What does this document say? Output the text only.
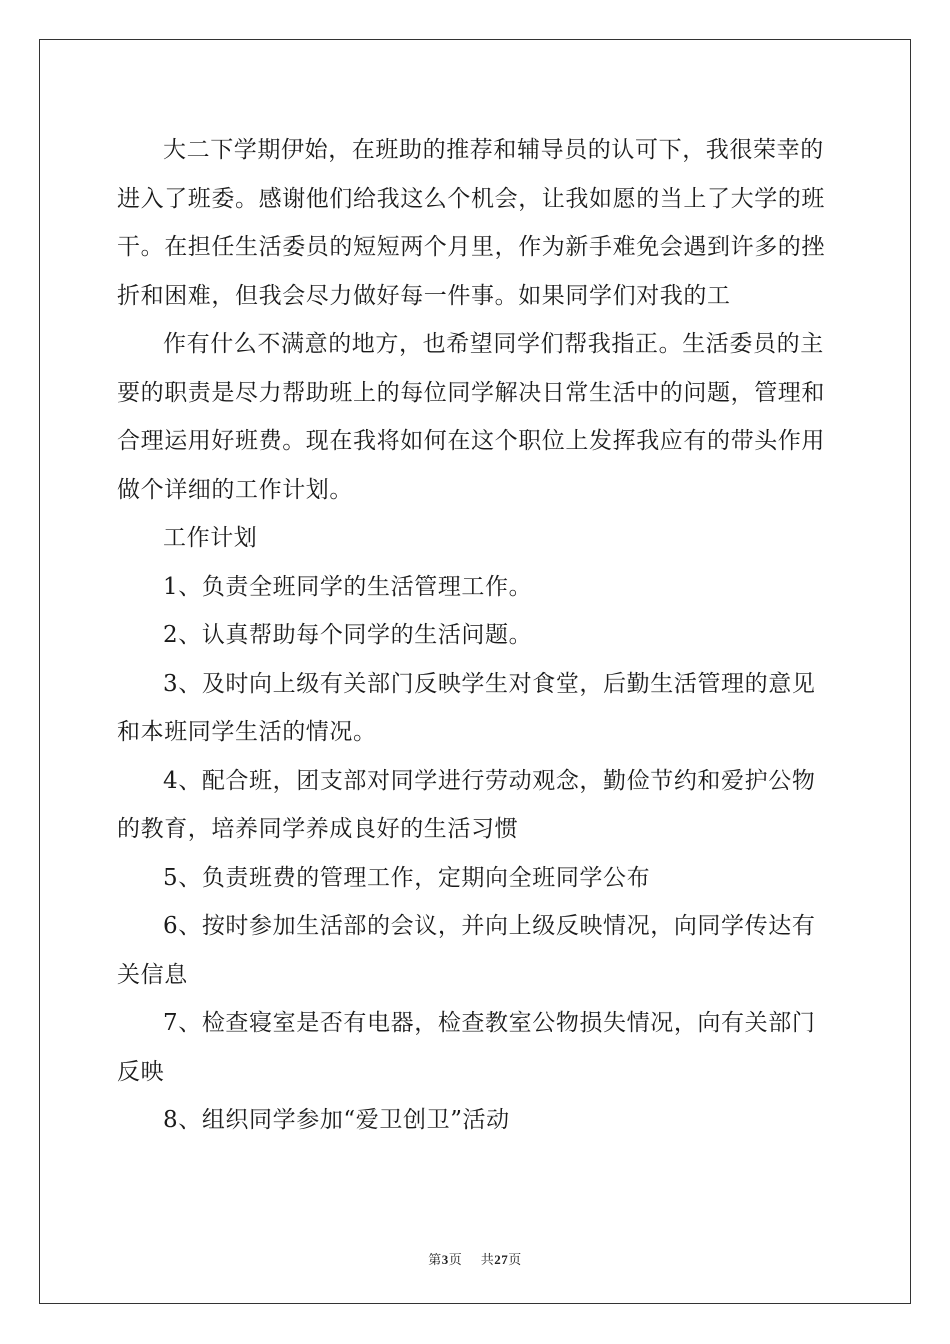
大二下学期伊始，在班助的推荐和辅导员的认可下，我很荣幸的
进入了班委。感谢他们给我这么个机会，让我如愿的当上了大学的班
干。在担任生活委员的短短两个月里，作为新手难免会遇到许多的挫
折和困难，但我会尽力做好每一件事。如果同学们对我的工

作有什么不满意的地方，也希望同学们帮我指正。生活委员的主
要的职责是尽力帮助班上的每位同学解决日常生活中的问题，管理和
合理运用好班费。现在我将如何在这个职位上发挥我应有的带头作用
做个详细的工作计划。

工作计划

1、负责全班同学的生活管理工作。

2、认真帮助每个同学的生活问题。

3、及时向上级有关部门反映学生对食堂，后勤生活管理的意见
和本班同学生活的情况。

4、配合班，团支部对同学进行劳动观念，勤俭节约和爱护公物
的教育，培养同学养成良好的生活习惯

5、负责班费的管理工作，定期向全班同学公布

6、按时参加生活部的会议，并向上级反映情况，向同学传达有
关信息

7、检查寝室是否有电器，检查教室公物损失情况，向有关部门
反映

8、组织同学参加“爱卫创卫”活动

第3页 共27页
